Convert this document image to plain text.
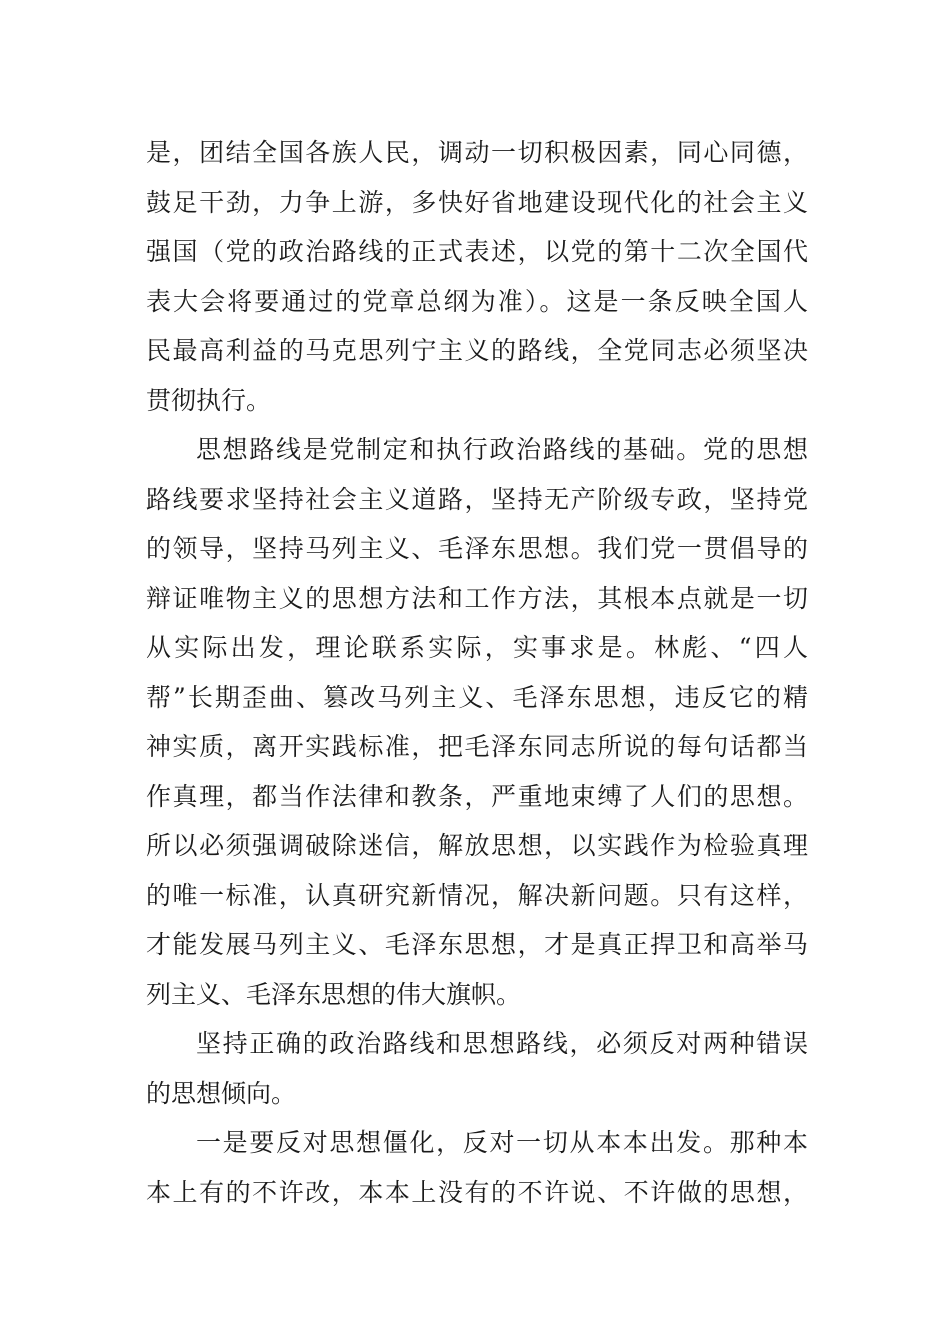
是，团结全国各族人民，调动一切积极因素，同心同德，
鼓足干劲，力争上游，多快好省地建设现代化的社会主义
强国（党的政治路线的正式表述，以党的第十二次全国代
表大会将要通过的党章总纲为准）。这是一条反映全国人
民最高利益的马克思列宁主义的路线，全党同志必须坚决
贯彻执行。
思想路线是党制定和执行政治路线的基础。党的思想
路线要求坚持社会主义道路，坚持无产阶级专政，坚持党
的领导，坚持马列主义、毛泽东思想。我们党一贯倡导的
辩证唯物主义的思想方法和工作方法，其根本点就是一切
从实际出发，理论联系实际，实事求是。林彪、“四人
帮”长期歪曲、篡改马列主义、毛泽东思想，违反它的精
神实质，离开实践标准，把毛泽东同志所说的每句话都当
作真理，都当作法律和教条，严重地束缚了人们的思想。
所以必须强调破除迷信，解放思想，以实践作为检验真理
的唯一标准，认真研究新情况，解决新问题。只有这样，
才能发展马列主义、毛泽东思想，才是真正捍卫和高举马
列主义、毛泽东思想的伟大旗帜。
坚持正确的政治路线和思想路线，必须反对两种错误
的思想倾向。
一是要反对思想僵化，反对一切从本本出发。那种本
本上有的不许改，本本上没有的不许说、不许做的思想，
